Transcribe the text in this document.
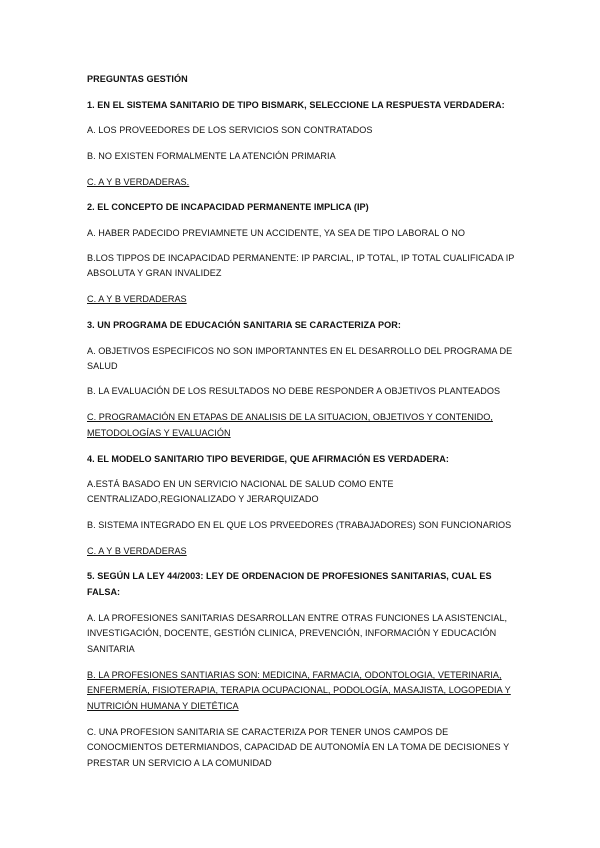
PREGUNTAS GESTIÓN
1. EN EL SISTEMA SANITARIO DE TIPO BISMARK, SELECCIONE LA RESPUESTA VERDADERA:
A. LOS PROVEEDORES DE LOS SERVICIOS SON CONTRATADOS
B. NO EXISTEN FORMALMENTE LA ATENCIÓN PRIMARIA
C. A Y B VERDADERAS.
2. EL CONCEPTO DE INCAPACIDAD PERMANENTE IMPLICA (IP)
A. HABER PADECIDO PREVIAMNETE UN ACCIDENTE, YA SEA DE TIPO LABORAL O NO
B.LOS TIPPOS DE INCAPACIDAD PERMANENTE: IP PARCIAL, IP TOTAL, IP TOTAL CUALIFICADA IP
ABSOLUTA Y GRAN INVALIDEZ
C. A Y B VERDADERAS
3. UN PROGRAMA DE EDUCACIÓN SANITARIA SE CARACTERIZA POR:
A. OBJETIVOS ESPECIFICOS NO SON IMPORTANNTES EN EL DESARROLLO DEL PROGRAMA DE
SALUD
B. LA EVALUACIÓN DE LOS RESULTADOS NO DEBE RESPONDER A OBJETIVOS PLANTEADOS
C. PROGRAMACIÓN EN ETAPAS DE ANALISIS DE LA SITUACION, OBJETIVOS Y CONTENIDO,
METODOLOGÍAS Y EVALUACIÓN
4. EL MODELO SANITARIO TIPO BEVERIDGE, QUE AFIRMACIÓN ES VERDADERA:
A.ESTÁ BASADO EN UN SERVICIO NACIONAL DE SALUD COMO ENTE
CENTRALIZADO,REGIONALIZADO Y JERARQUIZADO
B. SISTEMA INTEGRADO EN EL QUE LOS PRVEEDORES (TRABAJADORES) SON FUNCIONARIOS
C. A Y B VERDADERAS
5. SEGÚN LA LEY 44/2003: LEY DE ORDENACION DE PROFESIONES SANITARIAS, CUAL ES
FALSA:
A. LA PROFESIONES SANITARIAS DESARROLLAN ENTRE OTRAS FUNCIONES LA ASISTENCIAL,
INVESTIGACIÓN, DOCENTE, GESTIÓN CLINICA, PREVENCIÓN, INFORMACIÓN Y EDUCACIÓN
SANITARIA
B. LA PROFESIONES SANTIARIAS SON: MEDICINA, FARMACIA, ODONTOLOGIA, VETERINARIA,
ENFERMERÍA, FISIOTERAPIA, TERAPIA OCUPACIONAL, PODOLOGÍA, MASAJISTA, LOGOPEDIA Y
NUTRICIÓN HUMANA Y DIETÉTICA
C. UNA PROFESION SANITARIA SE CARACTERIZA POR TENER UNOS CAMPOS DE
CONOCMIENTOS DETERMIANDOS, CAPACIDAD DE AUTONOMÍA EN LA TOMA DE DECISIONES Y
PRESTAR UN SERVICIO A LA COMUNIDAD
